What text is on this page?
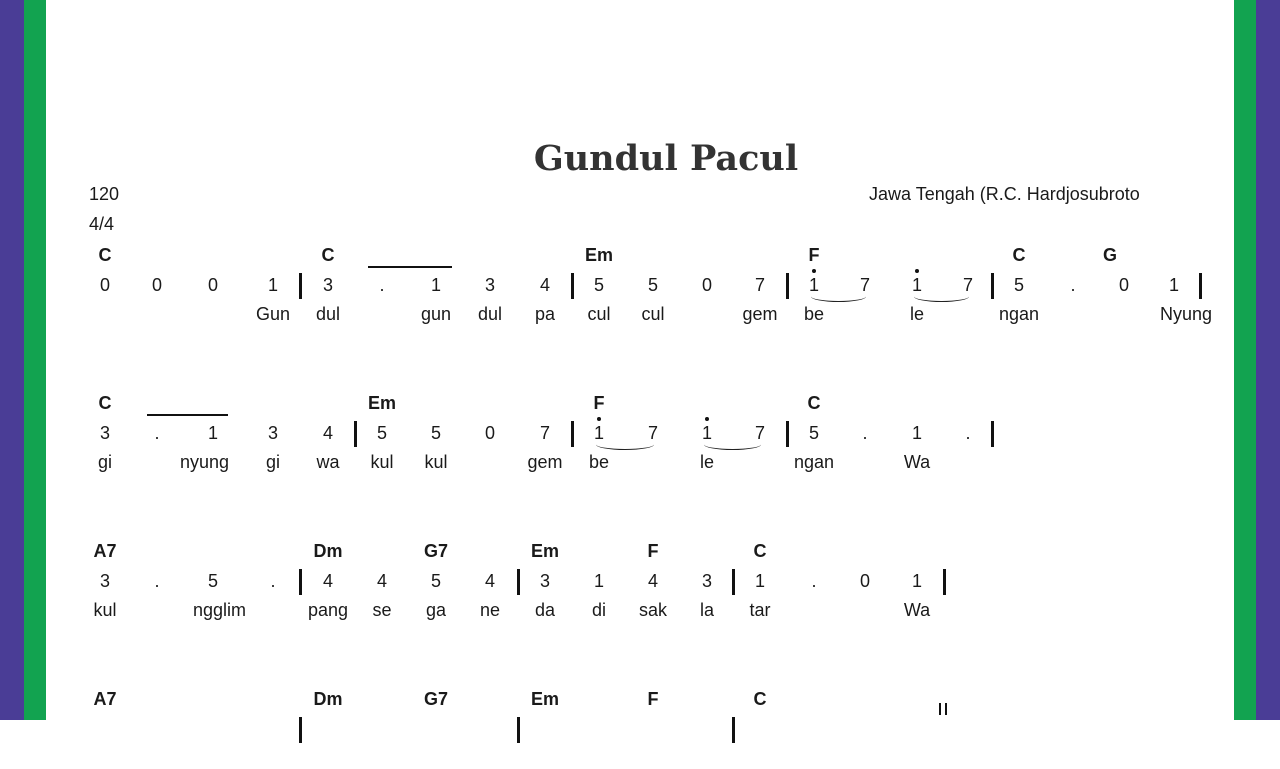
Gundul Pacul
120
4/4
Jawa Tengah (R.C. Hardjosubroto
C	C	Em	F	C	G
0	0	0	1	3	.	1	3	4	5	5	0	7	1	7	1	7	5	.	0	1
Gun	dul	gun	dul	pa	cul	cul	gem	be	le	ngan	Nyung
C	Em	F	C
3	.	1	3	4	5	5	0	7	1	7	1	7	5	.	1	.
gi	nyung	gi	wa	kul	kul	gem	be	le	ngan	Wa
A7	Dm	G7	Em	F	C
3	.	5	.	4	4	5	4	3	1	4	3	1	.	0	1
kul	ngglim	pang	se	ga	ne	da	di	sak	la	tar	Wa
A7	Dm	G7	Em	F	C
